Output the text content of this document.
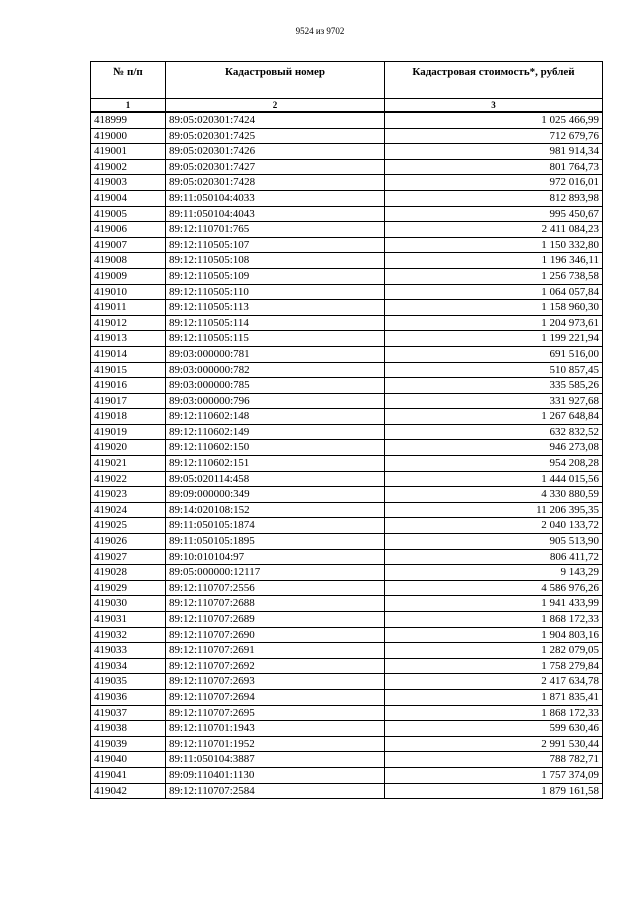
9524 из 9702
№ п/п	Кадастровый номер	Кадастровая стоимость*, рублей
1	2	3
418999	89:05:020301:7424	1 025 466,99
419000	89:05:020301:7425	712 679,76
419001	89:05:020301:7426	981 914,34
419002	89:05:020301:7427	801 764,73
419003	89:05:020301:7428	972 016,01
419004	89:11:050104:4033	812 893,98
419005	89:11:050104:4043	995 450,67
419006	89:12:110701:765	2 411 084,23
419007	89:12:110505:107	1 150 332,80
419008	89:12:110505:108	1 196 346,11
419009	89:12:110505:109	1 256 738,58
419010	89:12:110505:110	1 064 057,84
419011	89:12:110505:113	1 158 960,30
419012	89:12:110505:114	1 204 973,61
419013	89:12:110505:115	1 199 221,94
419014	89:03:000000:781	691 516,00
419015	89:03:000000:782	510 857,45
419016	89:03:000000:785	335 585,26
419017	89:03:000000:796	331 927,68
419018	89:12:110602:148	1 267 648,84
419019	89:12:110602:149	632 832,52
419020	89:12:110602:150	946 273,08
419021	89:12:110602:151	954 208,28
419022	89:05:020114:458	1 444 015,56
419023	89:09:000000:349	4 330 880,59
419024	89:14:020108:152	11 206 395,35
419025	89:11:050105:1874	2 040 133,72
419026	89:11:050105:1895	905 513,90
419027	89:10:010104:97	806 411,72
419028	89:05:000000:12117	9 143,29
419029	89:12:110707:2556	4 586 976,26
419030	89:12:110707:2688	1 941 433,99
419031	89:12:110707:2689	1 868 172,33
419032	89:12:110707:2690	1 904 803,16
419033	89:12:110707:2691	1 282 079,05
419034	89:12:110707:2692	1 758 279,84
419035	89:12:110707:2693	2 417 634,78
419036	89:12:110707:2694	1 871 835,41
419037	89:12:110707:2695	1 868 172,33
419038	89:12:110701:1943	599 630,46
419039	89:12:110701:1952	2 991 530,44
419040	89:11:050104:3887	788 782,71
419041	89:09:110401:1130	1 757 374,09
419042	89:12:110707:2584	1 879 161,58
